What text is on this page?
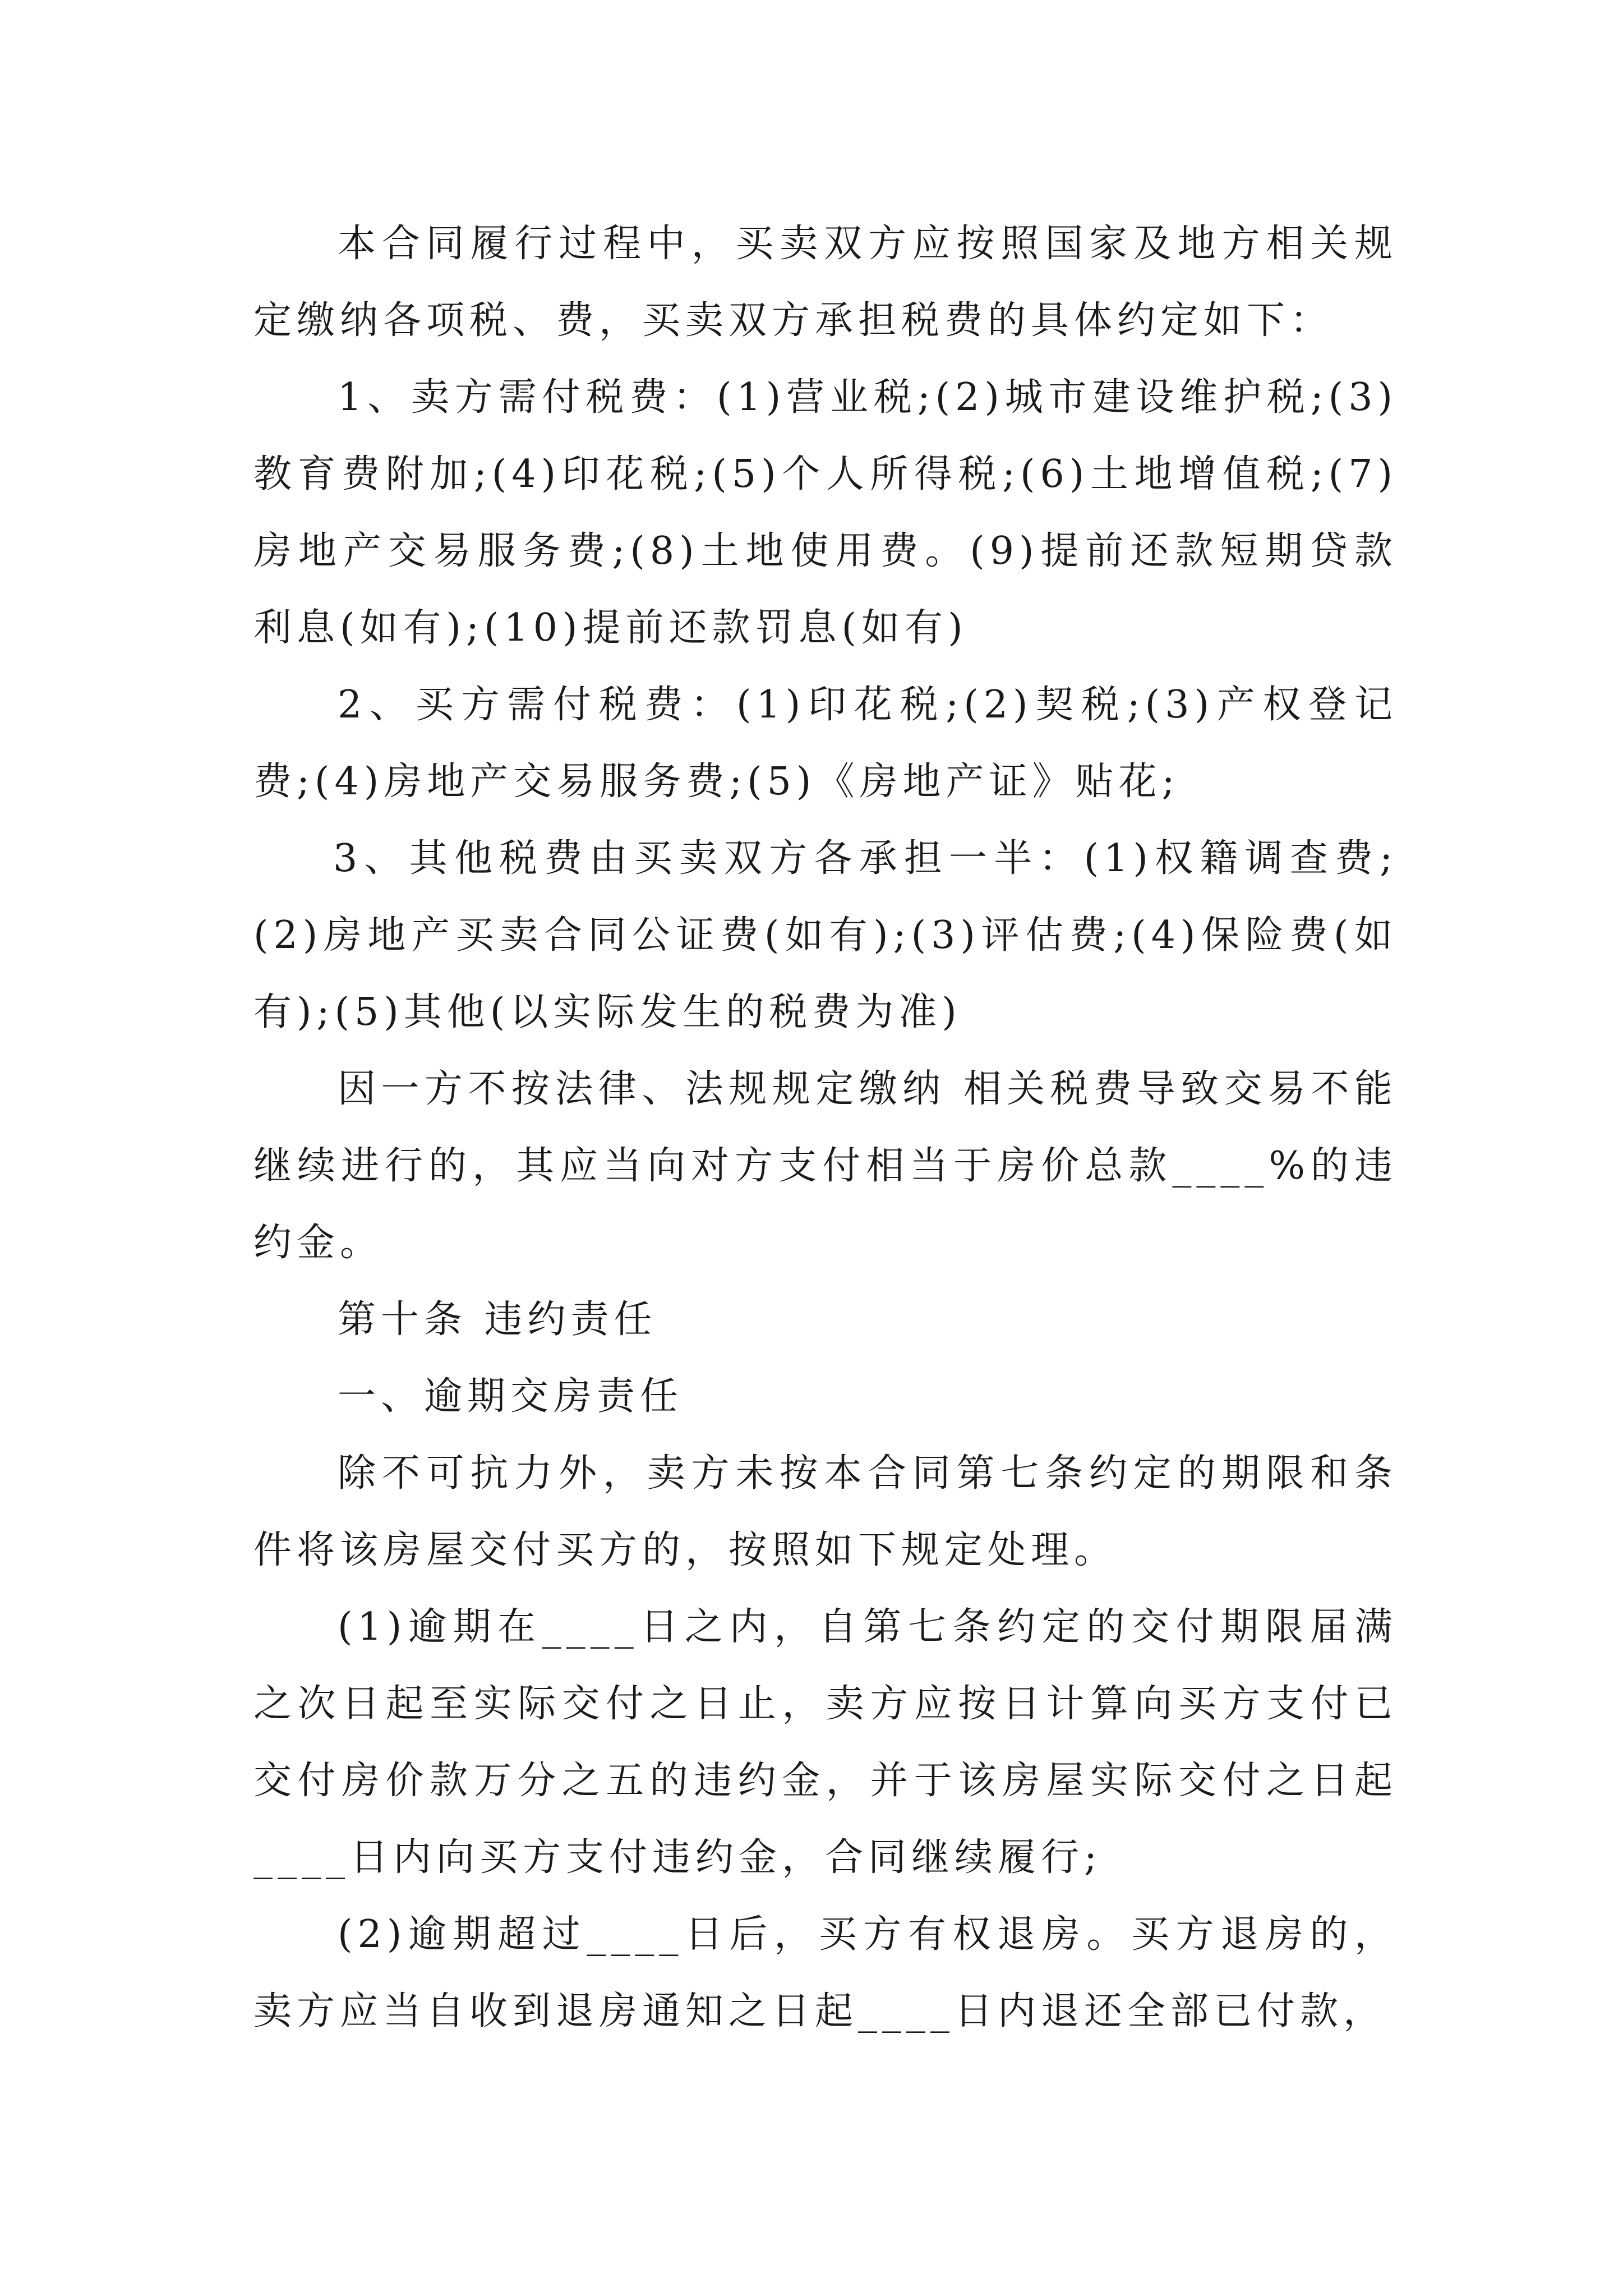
本合同履行过程中，买卖双方应按照国家及地方相关规定缴纳各项税、费，买卖双方承担税费的具体约定如下：

1、卖方需付税费：(1)营业税;(2)城市建设维护税;(3)教育费附加;(4)印花税;(5)个人所得税;(6)土地增值税;(7)房地产交易服务费;(8)土地使用费。(9)提前还款短期贷款利息(如有);(10)提前还款罚息(如有)

2、买方需付税费：(1)印花税;(2)契税;(3)产权登记费;(4)房地产交易服务费;(5)《房地产证》贴花;

3、其他税费由买卖双方各承担一半：(1)权籍调查费;(2)房地产买卖合同公证费(如有);(3)评估费;(4)保险费(如有);(5)其他(以实际发生的税费为准)

因一方不按法律、法规规定缴纳 相关税费导致交易不能继续进行的，其应当向对方支付相当于房价总款____%的违约金。

第十条 违约责任

一、逾期交房责任

除不可抗力外，卖方未按本合同第七条约定的期限和条件将该房屋交付买方的，按照如下规定处理。

(1)逾期在____日之内，自第七条约定的交付期限届满之次日起至实际交付之日止，卖方应按日计算向买方支付已交付房价款万分之五的违约金，并于该房屋实际交付之日起____日内向买方支付违约金，合同继续履行;

(2)逾期超过____日后，买方有权退房。买方退房的，卖方应当自收到退房通知之日起____日内退还全部已付款，
